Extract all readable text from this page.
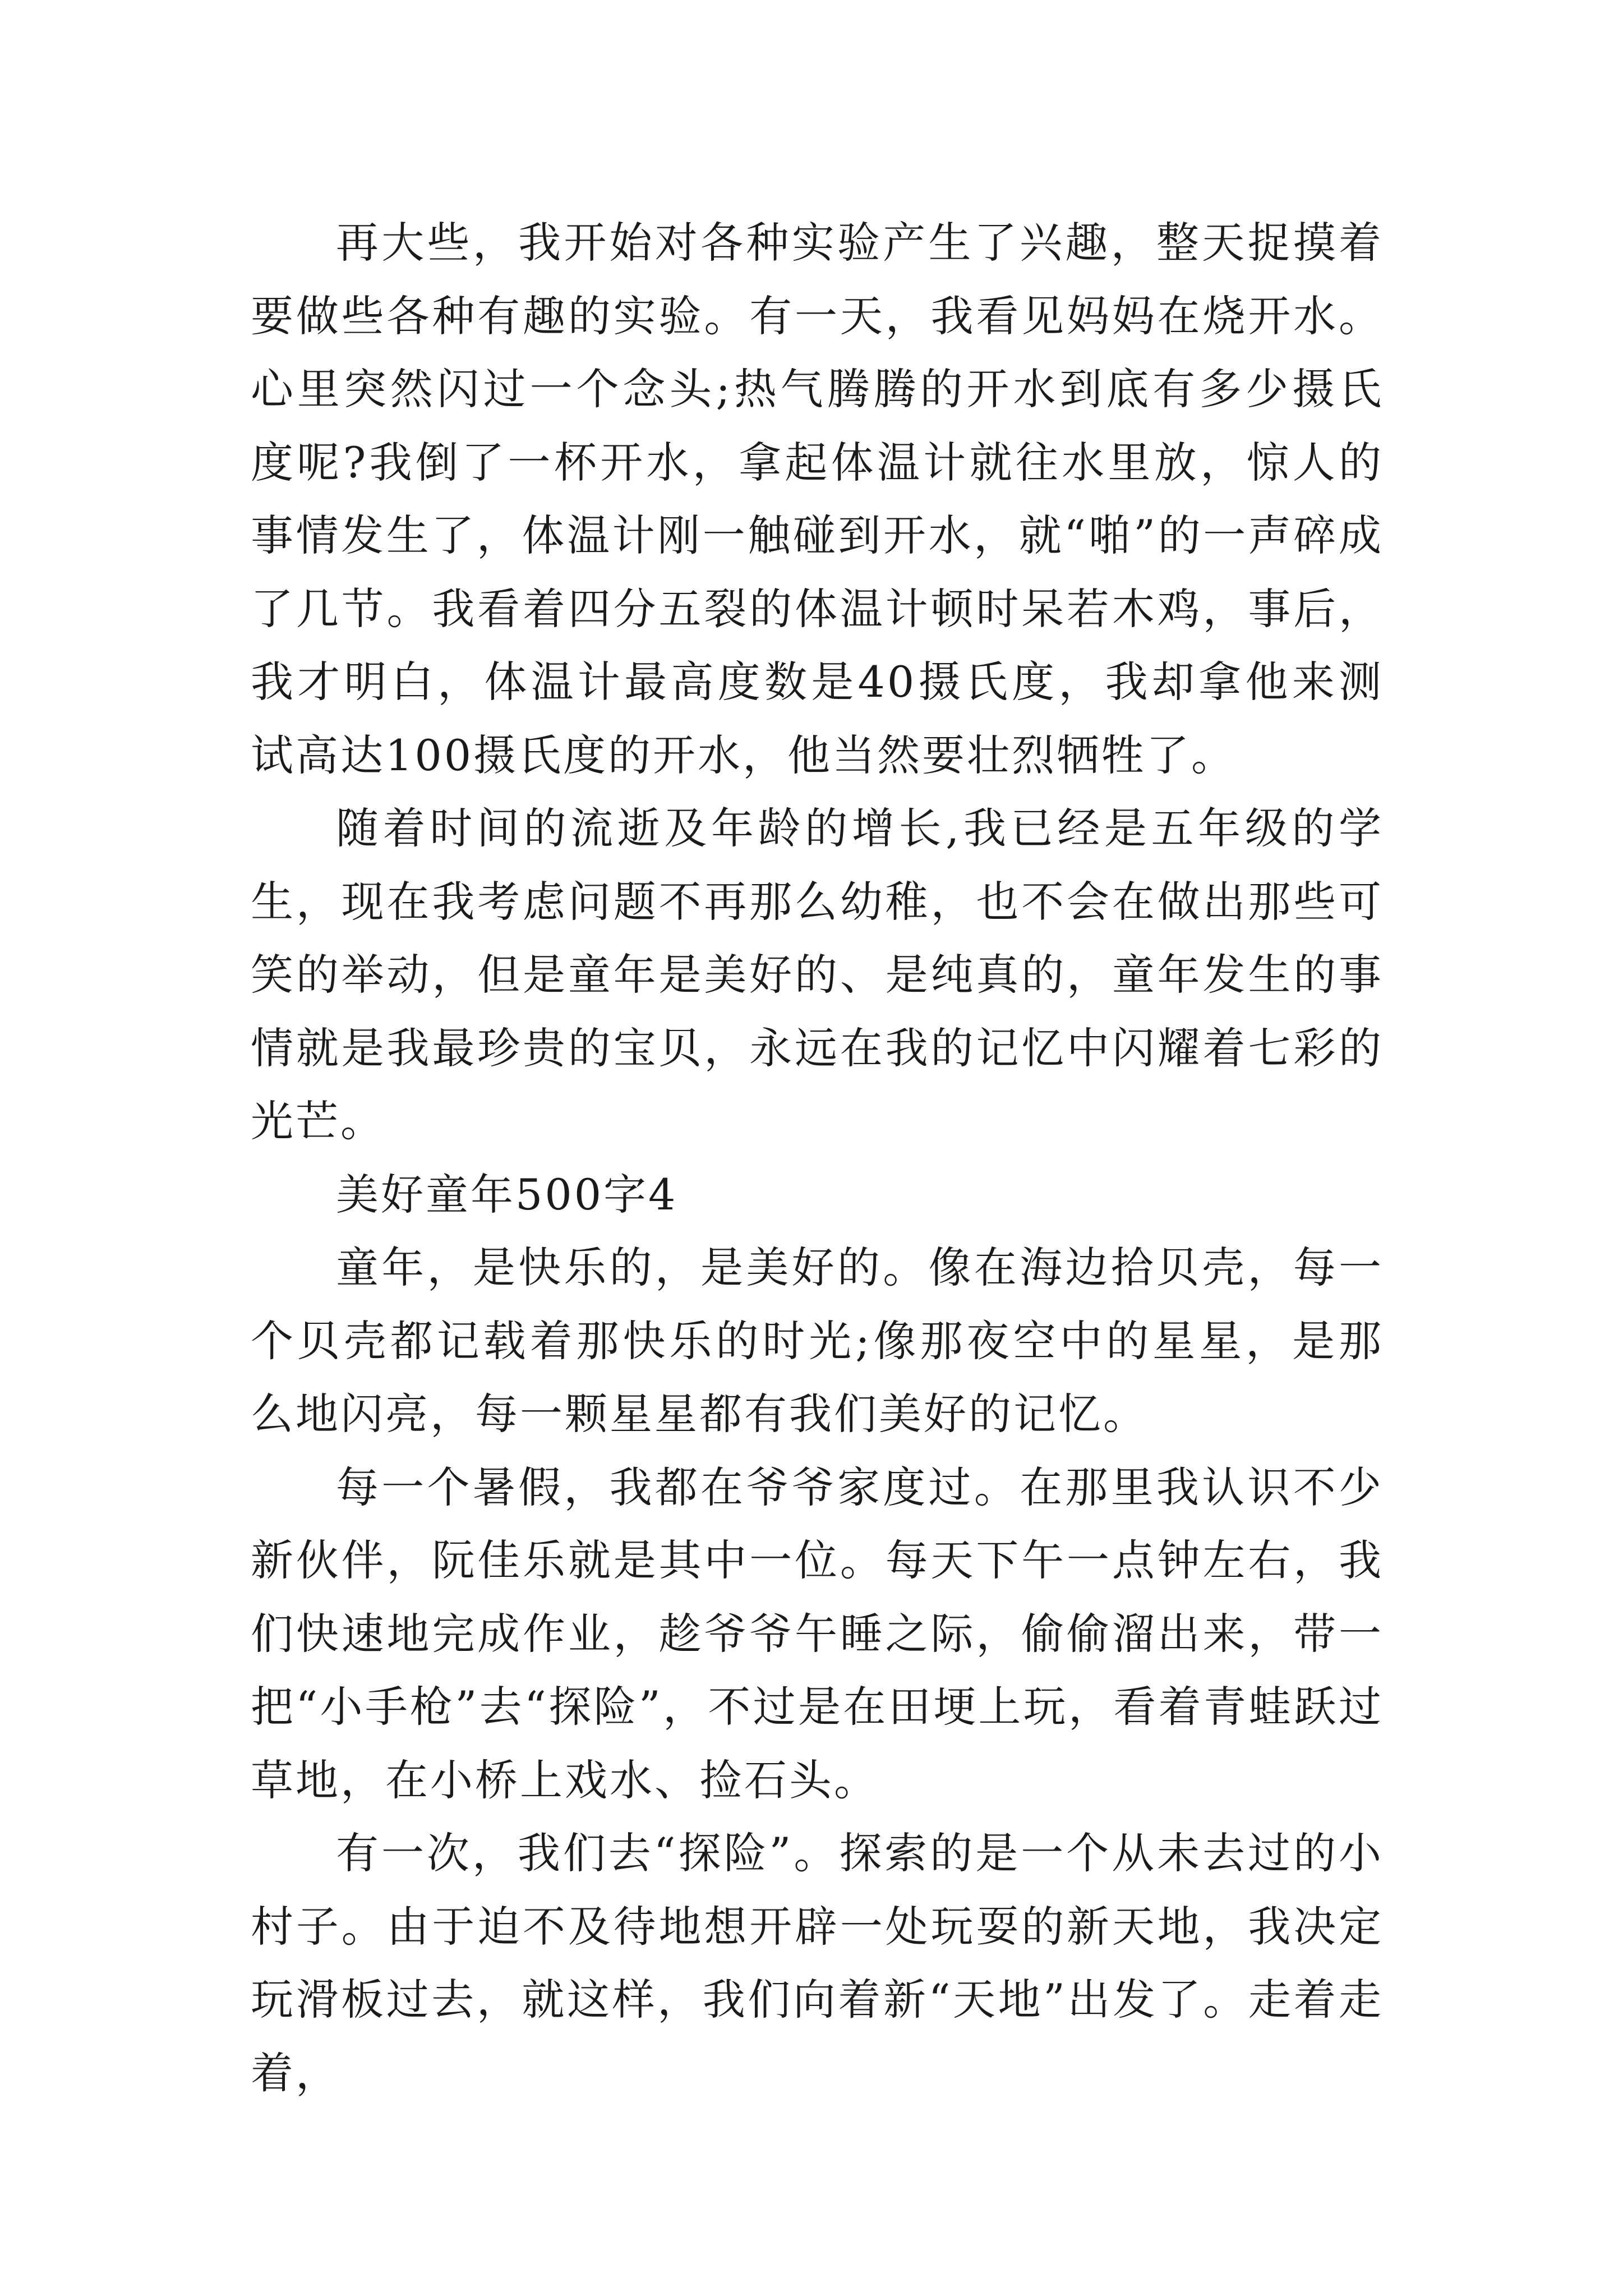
再大些，我开始对各种实验产生了兴趣，整天捉摸着要做些各种有趣的实验。有一天，我看见妈妈在烧开水。心里突然闪过一个念头;热气腾腾的开水到底有多少摄氏度呢?我倒了一杯开水，拿起体温计就往水里放，惊人的事情发生了，体温计刚一触碰到开水，就“啪”的一声碎成了几节。我看着四分五裂的体温计顿时呆若木鸡，事后，我才明白，体温计最高度数是40摄氏度，我却拿他来测试高达100摄氏度的开水，他当然要壮烈牺牲了。

随着时间的流逝及年龄的增长,我已经是五年级的学生，现在我考虑问题不再那么幼稚，也不会在做出那些可笑的举动，但是童年是美好的、是纯真的，童年发生的事情就是我最珍贵的宝贝，永远在我的记忆中闪耀着七彩的光芒。

美好童年500字4

童年，是快乐的，是美好的。像在海边拾贝壳，每一个贝壳都记载着那快乐的时光;像那夜空中的星星，是那么地闪亮，每一颗星星都有我们美好的记忆。

每一个暑假，我都在爷爷家度过。在那里我认识不少新伙伴，阮佳乐就是其中一位。每天下午一点钟左右，我们快速地完成作业，趁爷爷午睡之际，偷偷溜出来，带一把“小手枪”去“探险”，不过是在田埂上玩，看着青蛙跃过草地，在小桥上戏水、捡石头。

有一次，我们去“探险”。探索的是一个从未去过的小村子。由于迫不及待地想开辟一处玩耍的新天地，我决定玩滑板过去，就这样，我们向着新“天地”出发了。走着走着，
